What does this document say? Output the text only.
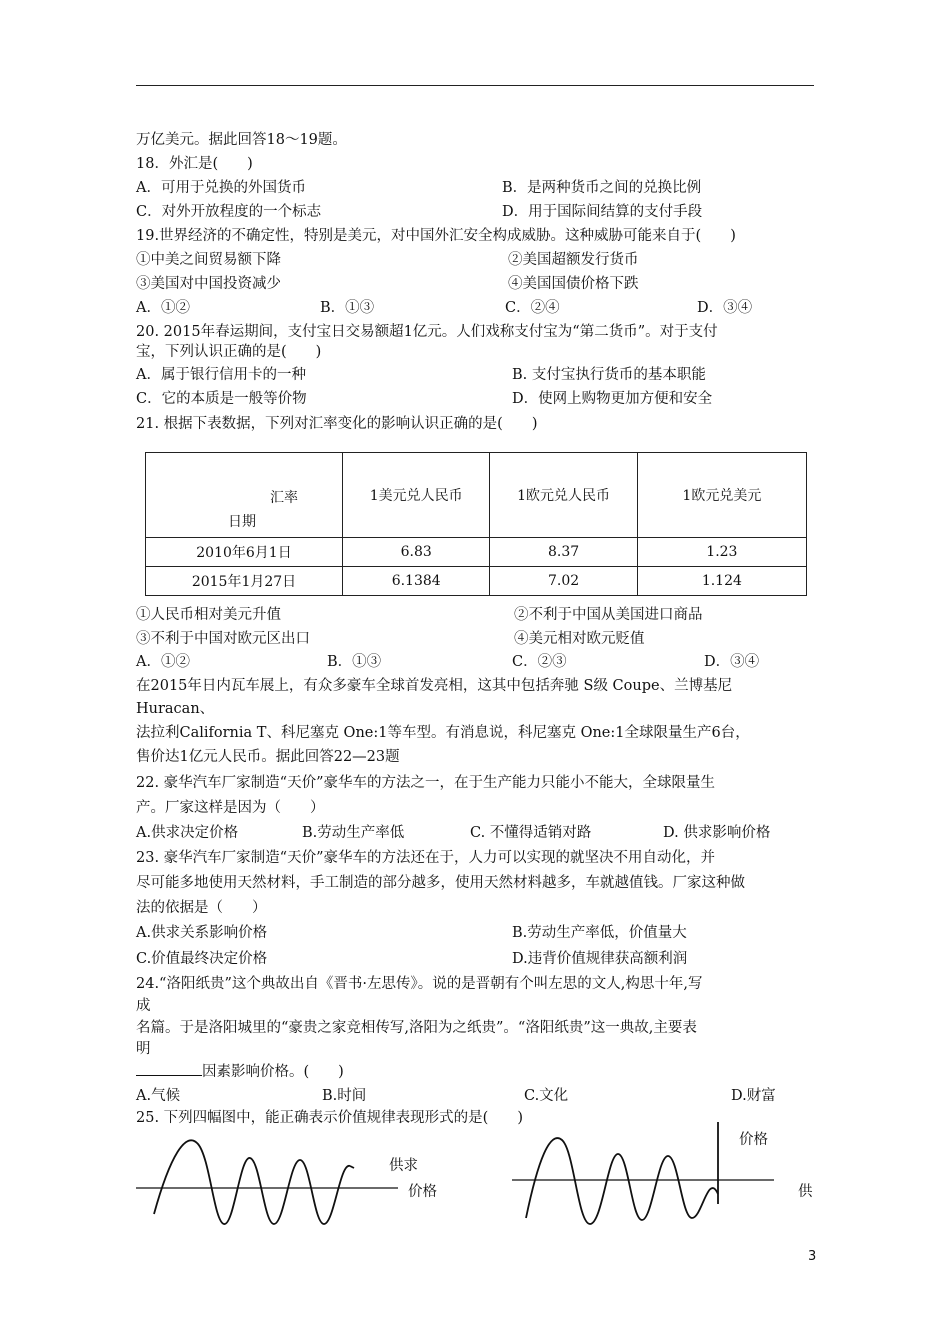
万亿美元。据此回答18～19题。
18．外汇是(　　)
A．可用于兑换的外国货币	B．是两种货币之间的兑换比例
C．对外开放程度的一个标志	D．用于国际间结算的支付手段
19.世界经济的不确定性，特别是美元，对中国外汇安全构成威胁。这种威胁可能来自于(　　)
①中美之间贸易额下降	②美国超额发行货币
③美国对中国投资减少	④美国国债价格下跌
A．①②	B．①③	C．②④	D．③④
20. 2015年春运期间，支付宝日交易额超1亿元。人们戏称支付宝为“第二货币”。对于支付
宝，下列认识正确的是(　　)
A．属于银行信用卡的一种	B. 支付宝执行货币的基本职能
C．它的本质是一般等价物	D．使网上购物更加方便和安全
21. 根据下表数据，下列对汇率变化的影响认识正确的是(　　)
汇率
日期	1美元兑人民币	1欧元兑人民币	1欧元兑美元
2010年6月1日	6.83	8.37	1.23
2015年1月27日	6.1384	7.02	1.124
①人民币相对美元升值	②不利于中国从美国进口商品
③不利于中国对欧元区出口	④美元相对欧元贬值
A．①②	B．①③	C．②③	D．③④
在2015年日内瓦车展上，有众多豪车全球首发亮相，这其中包括奔驰 S级 Coupe、兰博基尼
Huracan、
法拉利California T、科尼塞克 One:1等车型。有消息说，科尼塞克 One:1全球限量生产6台，
售价达1亿元人民币。据此回答22—23题
22. 豪华汽车厂家制造“天价”豪华车的方法之一，在于生产能力只能小不能大，全球限量生
产。厂家这样是因为（　　）
A.供求决定价格	B.劳动生产率低	C. 不懂得适销对路	D. 供求影响价格
23. 豪华汽车厂家制造“天价”豪华车的方法还在于，人力可以实现的就坚决不用自动化，并
尽可能多地使用天然材料，手工制造的部分越多，使用天然材料越多，车就越值钱。厂家这种做
法的依据是（　　）
A.供求关系影响价格	B.劳动生产率低，价值量大
C.价值最终决定价格	D.违背价值规律获高额利润
24.“洛阳纸贵”这个典故出自《晋书·左思传》。说的是晋朝有个叫左思的文人,构思十年,写
成
名篇。于是洛阳城里的“豪贵之家竞相传写,洛阳为之纸贵”。“洛阳纸贵”这一典故,主要表
明
因素影响价格。(　　)
A.气候	B.时间	C.文化	D.财富
25. 下列四幅图中，能正确表示价值规律表现形式的是(　　)
供求
价格
价格
供
3
